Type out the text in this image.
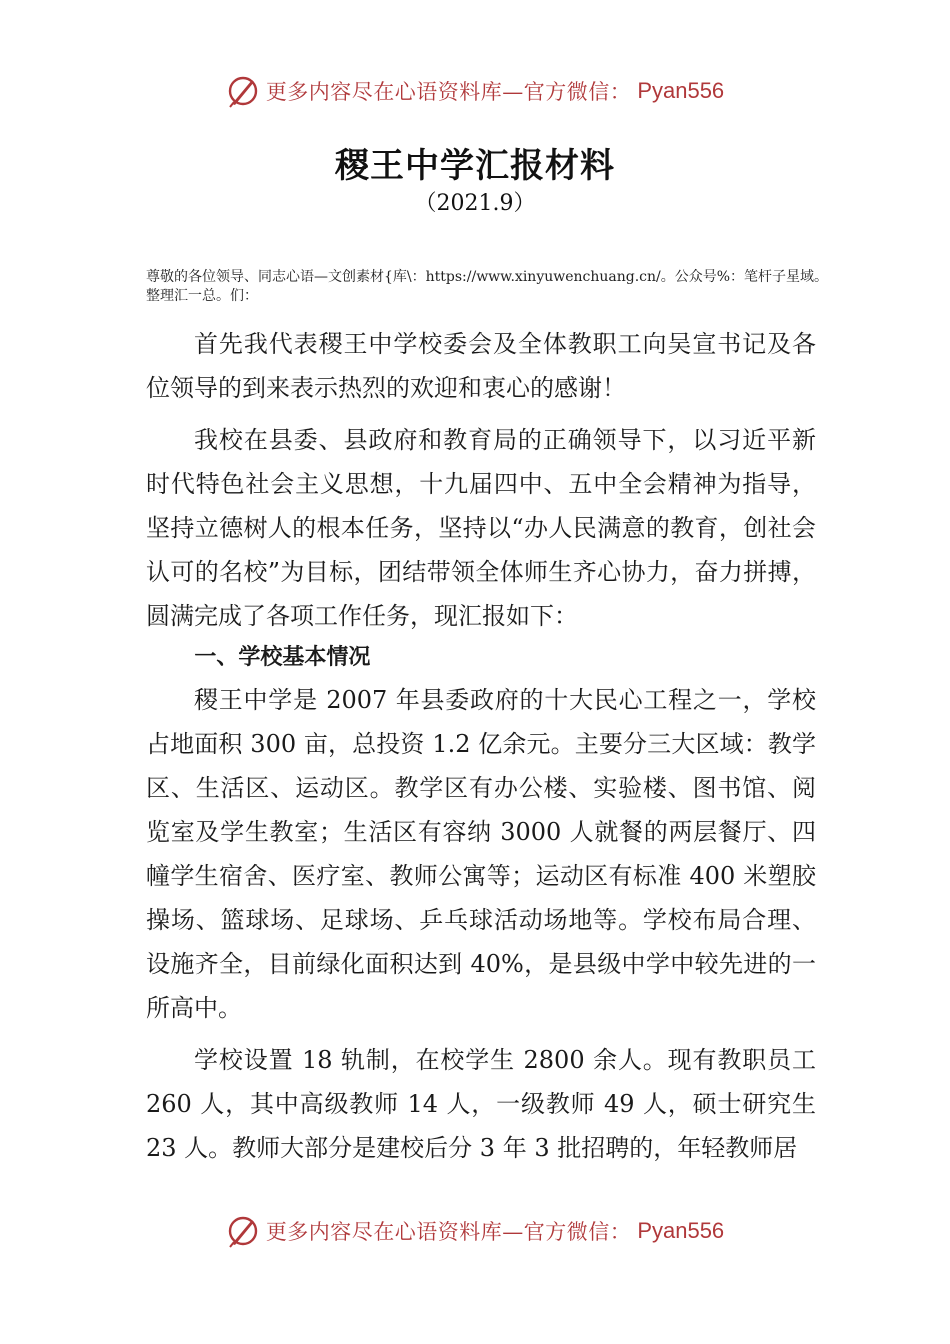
更多内容尽在心语资料库—官方微信： Pyan556
稷王中学汇报材料
（2021.9）
尊敬的各位领导、同志心语—文创素材{库\：https://www.xinyuwenchuang.cn/。公众号%：笔杆子星域。整理汇一总。们：

首先我代表稷王中学校委会及全体教职工向吴宣书记及各位领导的到来表示热烈的欢迎和衷心的感谢！

我校在县委、县政府和教育局的正确领导下，以习近平新时代特色社会主义思想，十九届四中、五中全会精神为指导，坚持立德树人的根本任务，坚持以“办人民满意的教育，创社会认可的名校”为目标，团结带领全体师生齐心协力，奋力拼搏，圆满完成了各项工作任务，现汇报如下：

一、学校基本情况

稷王中学是 2007 年县委政府的十大民心工程之一，学校占地面积 300 亩，总投资 1.2 亿余元。主要分三大区域：教学区、生活区、运动区。教学区有办公楼、实验楼、图书馆、阅览室及学生教室；生活区有容纳 3000 人就餐的两层餐厅、四幢学生宿舍、医疗室、教师公寓等；运动区有标准 400 米塑胶操场、篮球场、足球场、乒乓球活动场地等。学校布局合理、设施齐全，目前绿化面积达到 40%，是县级中学中较先进的一所高中。

学校设置 18 轨制，在校学生 2800 余人。现有教职员工 260 人，其中高级教师 14 人，一级教师 49 人，硕士研究生 23 人。教师大部分是建校后分 3 年 3 批招聘的，年轻教师居

更多内容尽在心语资料库—官方微信： Pyan556
